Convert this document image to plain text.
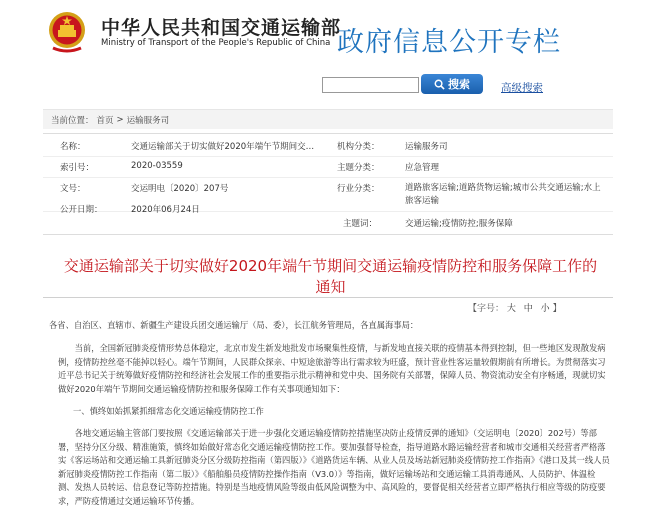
中华人民共和国交通运输部
Ministry of Transport of the People's Republic of China 政府信息公开专栏
搜索	高级搜索
当前位置： 首页 > 运输服务司
名称：	交通运输部关于切实做好2020年端午节期间交…	机构分类：	运输服务司
索引号：	2020-03559	主题分类：	应急管理
文号：	交运明电〔2020〕207号	行业分类：	道路旅客运输;道路货物运输;城市公共交通运输;水上旅客运输
公开日期：	2020年06月24日
主题词：	交通运输;疫情防控;服务保障
交通运输部关于切实做好2020年端午节期间交通运输疫情防控和服务保障工作的通知
【字号： 大 中 小 】
各省、自治区、直辖市、新疆生产建设兵团交通运输厅（局、委），长江航务管理局，各直属海事局：
当前，全国新冠肺炎疫情形势总体稳定，北京市发生新发地批发市场聚集性疫情，与新发地直接关联的疫情基本得到控制，但一些地区发现散发病例，疫情防控丝毫不能掉以轻心。端午节期间，人民群众探亲、中短途旅游等出行需求较为旺盛，预计营业性客运量较假期前有所增长。为贯彻落实习近平总书记关于统筹做好疫情防控和经济社会发展工作的重要指示批示精神和党中央、国务院有关部署，保障人员、物资流动安全有序畅通，现就切实做好2020年端午节期间交通运输疫情防控和服务保障工作有关事项通知如下：
一、慎终如始抓紧抓细常态化交通运输疫情防控工作
各地交通运输主管部门要按照《交通运输部关于进一步强化交通运输疫情防控措施坚决防止疫情反弹的通知》（交运明电〔2020〕202号）等部署，坚持分区分级、精准施策，慎终如始做好常态化交通运输疫情防控工作。要加强督导检查，指导道路水路运输经营者和城市交通相关经营者严格落实《客运场站和交通运输工具新冠肺炎分区分级防控指南（第四版）》《道路货运车辆、从业人员及场站新冠肺炎疫情防控工作指南》《港口及其一线人员新冠肺炎疫情防控工作指南（第二版）》《船舶船员疫情防控操作指南（V3.0）》等指南，做好运输场站和交通运输工具消毒通风、人员防护、体温检测、发热人员转运、信息登记等防控措施。特别是当地疫情风险等级由低风险调整为中、高风险的，要督促相关经营者立即严格执行相应等级的防疫要求，严防疫情通过交通运输环节传播。
